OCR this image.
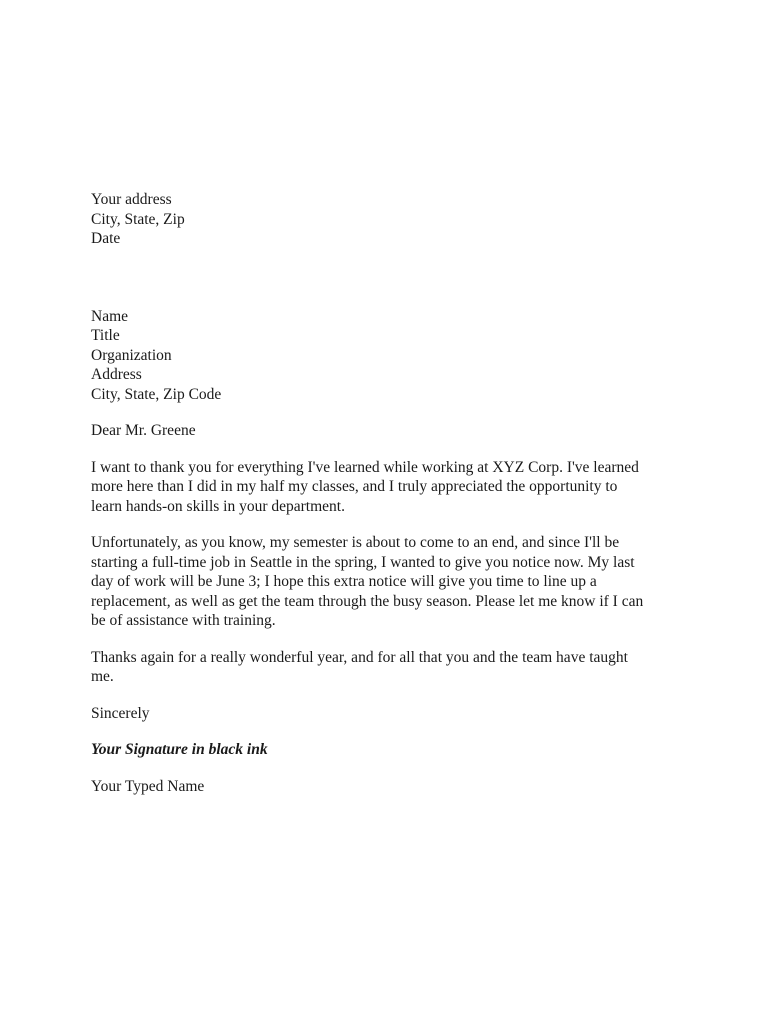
Your address
City, State, Zip
Date
Name
Title
Organization
Address
City, State, Zip Code
Dear Mr. Greene
I want to thank you for everything I've learned while working at XYZ Corp. I've learned
more here than I did in my half my classes, and I truly appreciated the opportunity to
learn hands-on skills in your department.
Unfortunately, as you know, my semester is about to come to an end, and since I'll be
starting a full-time job in Seattle in the spring, I wanted to give you notice now. My last
day of work will be June 3; I hope this extra notice will give you time to line up a
replacement, as well as get the team through the busy season. Please let me know if I can
be of assistance with training.
Thanks again for a really wonderful year, and for all that you and the team have taught
me.
Sincerely
Your Signature in black ink
Your Typed Name
